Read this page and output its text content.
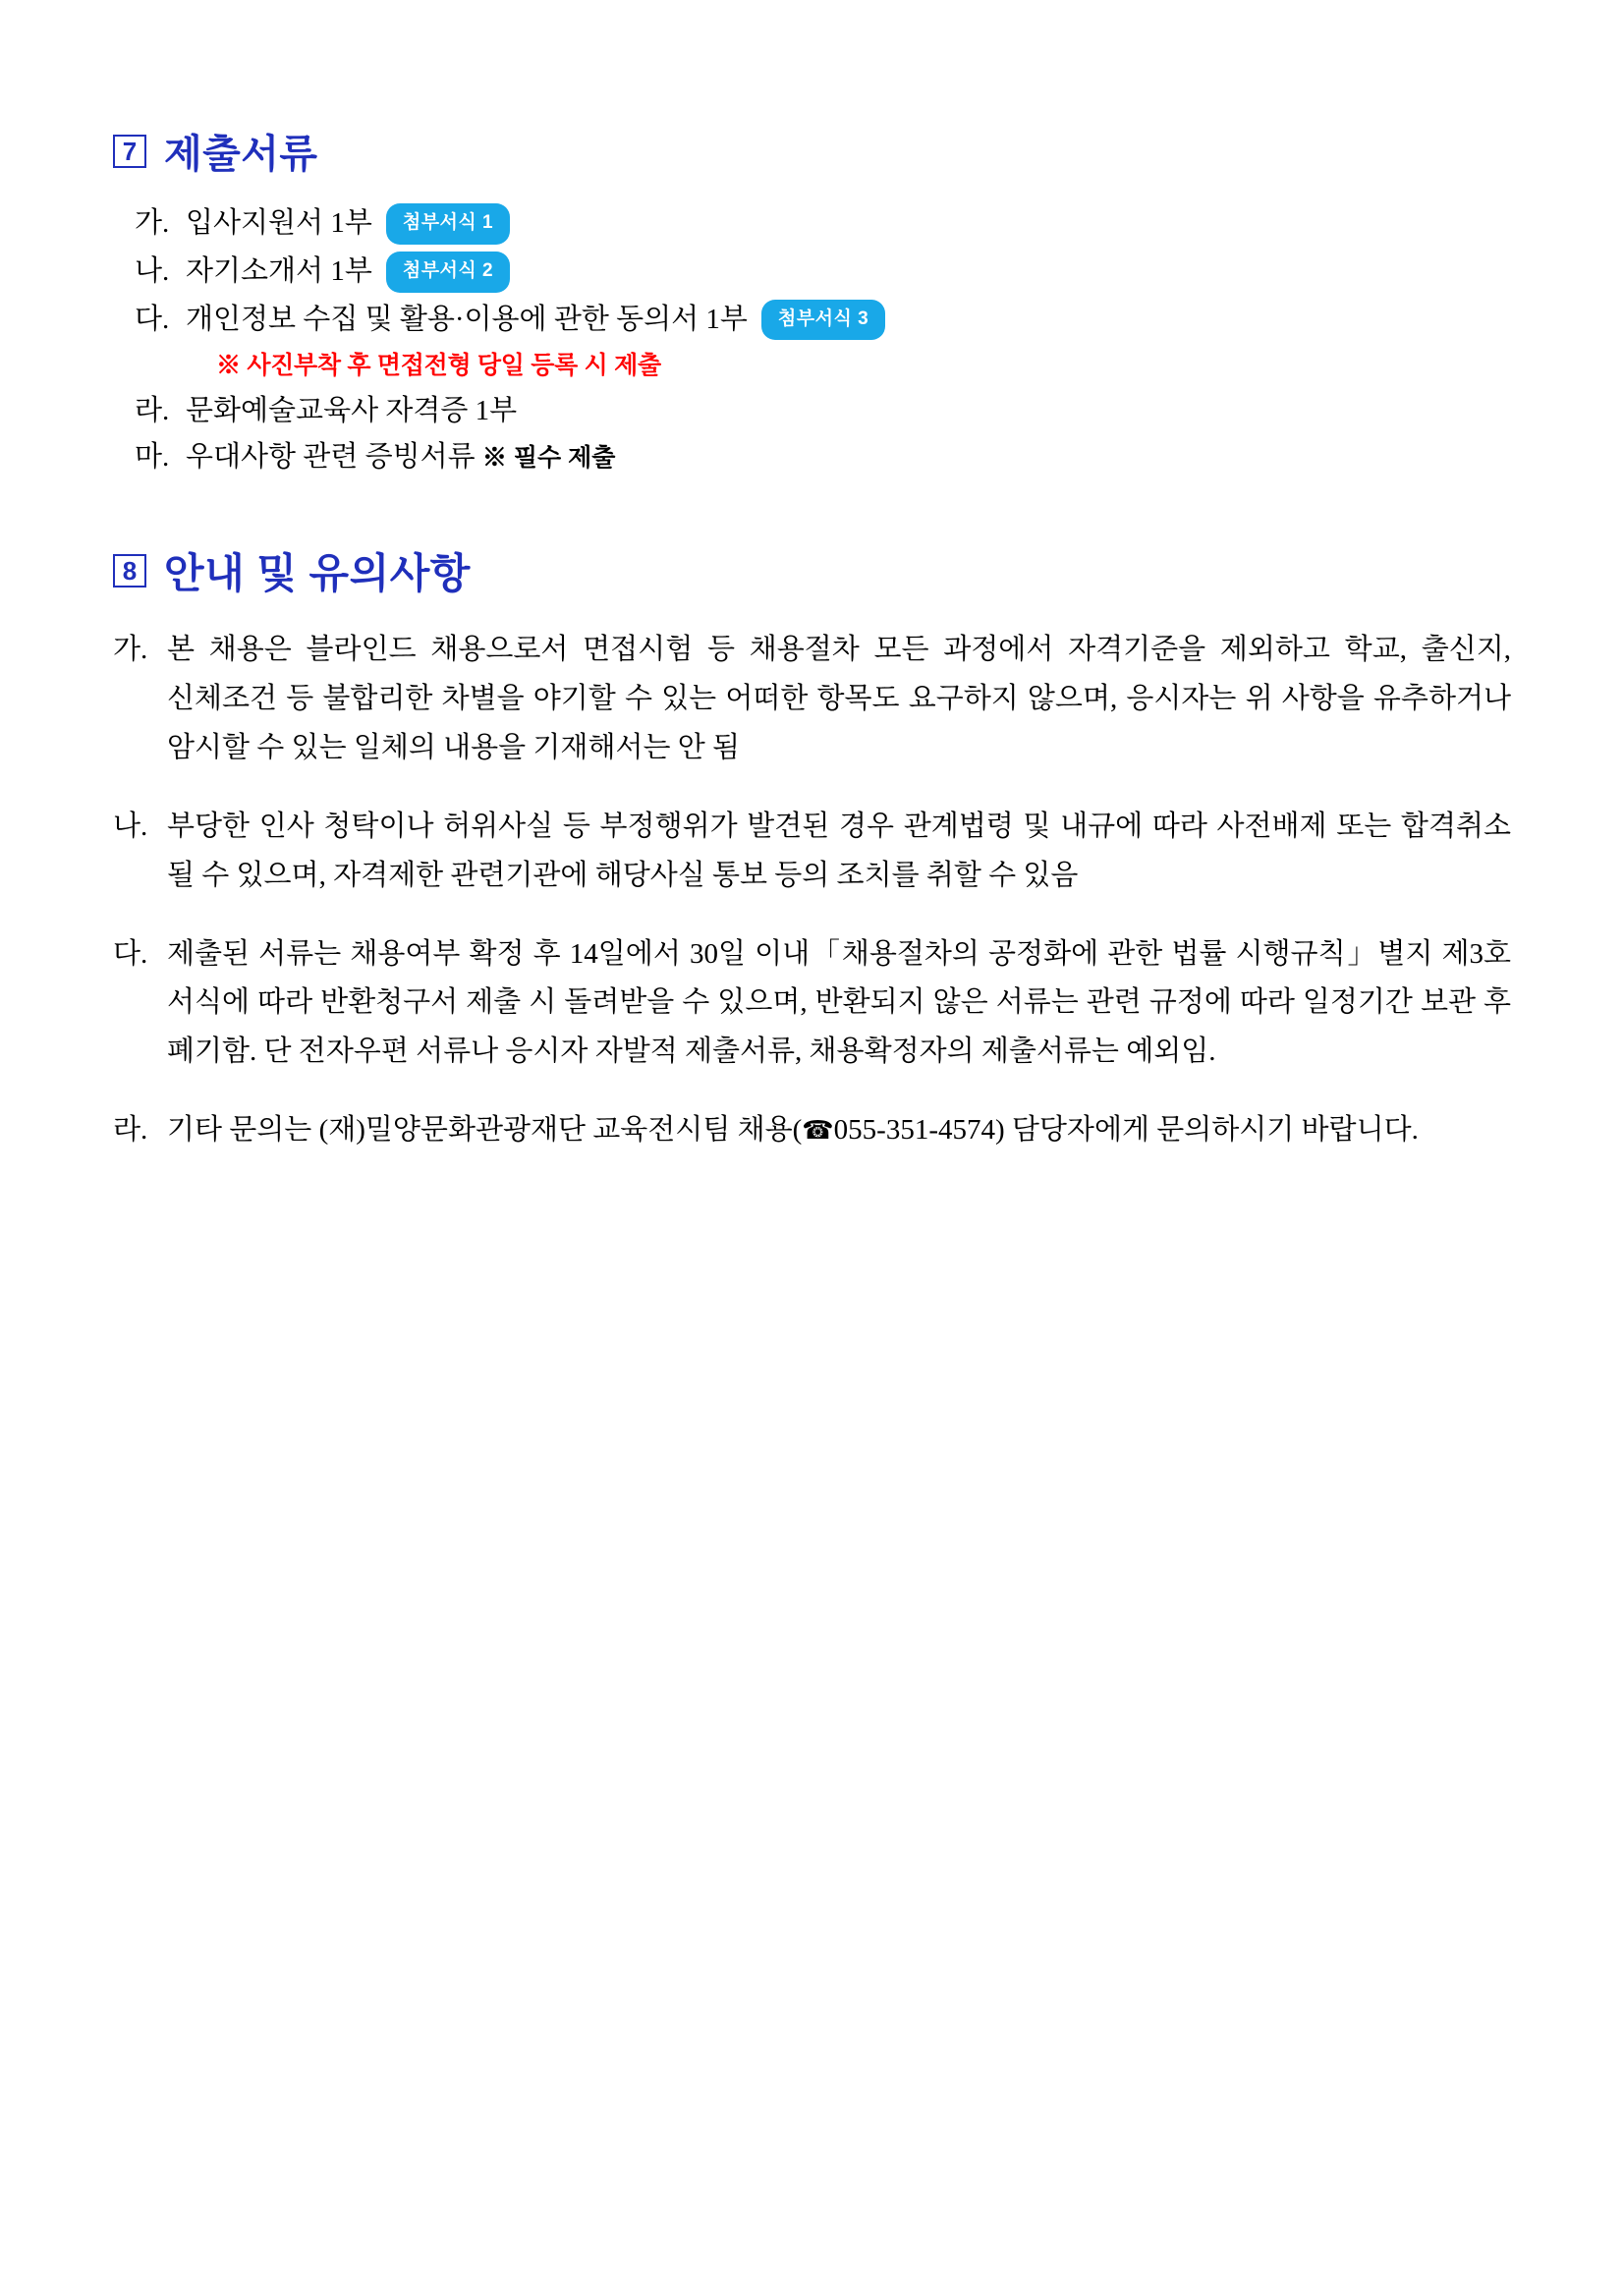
7 제출서류
가. 입사지원서 1부	첨부서식 1
나. 자기소개서 1부	첨부서식 2
다. 개인정보 수집 및 활용·이용에 관한 동의서 1부	첨부서식 3
※ 사진부착 후 면접전형 당일 등록 시 제출
라. 문화예술교육사 자격증 1부
마. 우대사항 관련 증빙서류 ※ 필수 제출
8 안내 및 유의사항
가. 본 채용은 블라인드 채용으로서 면접시험 등 채용절차 모든 과정에서 자격기준을 제외하고 학교, 출신지, 신체조건 등 불합리한 차별을 야기할 수 있는 어떠한 항목도 요구하지 않으며, 응시자는 위 사항을 유추하거나 암시할 수 있는 일체의 내용을 기재해서는 안 됨
나. 부당한 인사 청탁이나 허위사실 등 부정행위가 발견된 경우 관계법령 및 내규에 따라 사전배제 또는 합격취소 될 수 있으며, 자격제한 관련기관에 해당사실 통보 등의 조치를 취할 수 있음
다. 제출된 서류는 채용여부 확정 후 14일에서 30일 이내「채용절차의 공정화에 관한 법률 시행규칙」별지 제3호 서식에 따라 반환청구서 제출 시 돌려받을 수 있으며, 반환되지 않은 서류는 관련 규정에 따라 일정기간 보관 후 폐기함. 단 전자우편 서류나 응시자 자발적 제출서류, 채용확정자의 제출서류는 예외임.
라. 기타 문의는 (재)밀양문화관광재단 교육전시팀 채용(☎055-351-4574) 담당자에게 문의하시기 바랍니다.
